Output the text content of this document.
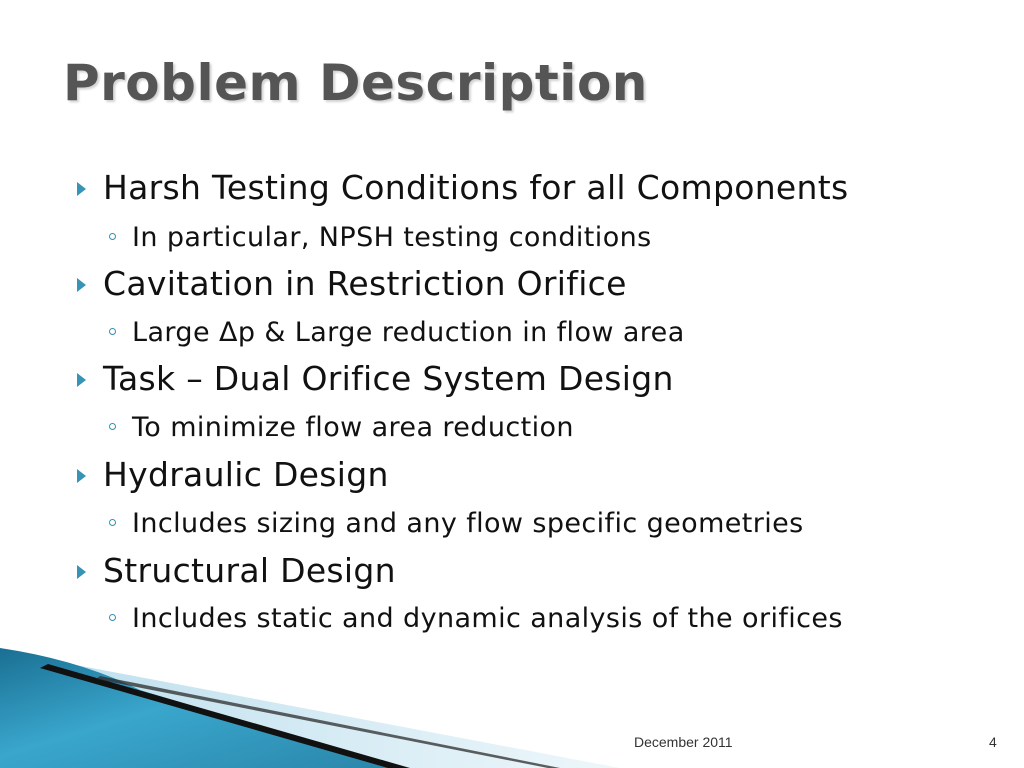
Problem Description
Harsh Testing Conditions for all Components
In particular, NPSH testing conditions
Cavitation in Restriction Orifice
Large Δp & Large reduction in flow area
Task – Dual Orifice System Design
To minimize flow area reduction
Hydraulic Design
Includes sizing and any flow specific geometries
Structural Design
Includes static and dynamic analysis of the orifices
December 2011	4
